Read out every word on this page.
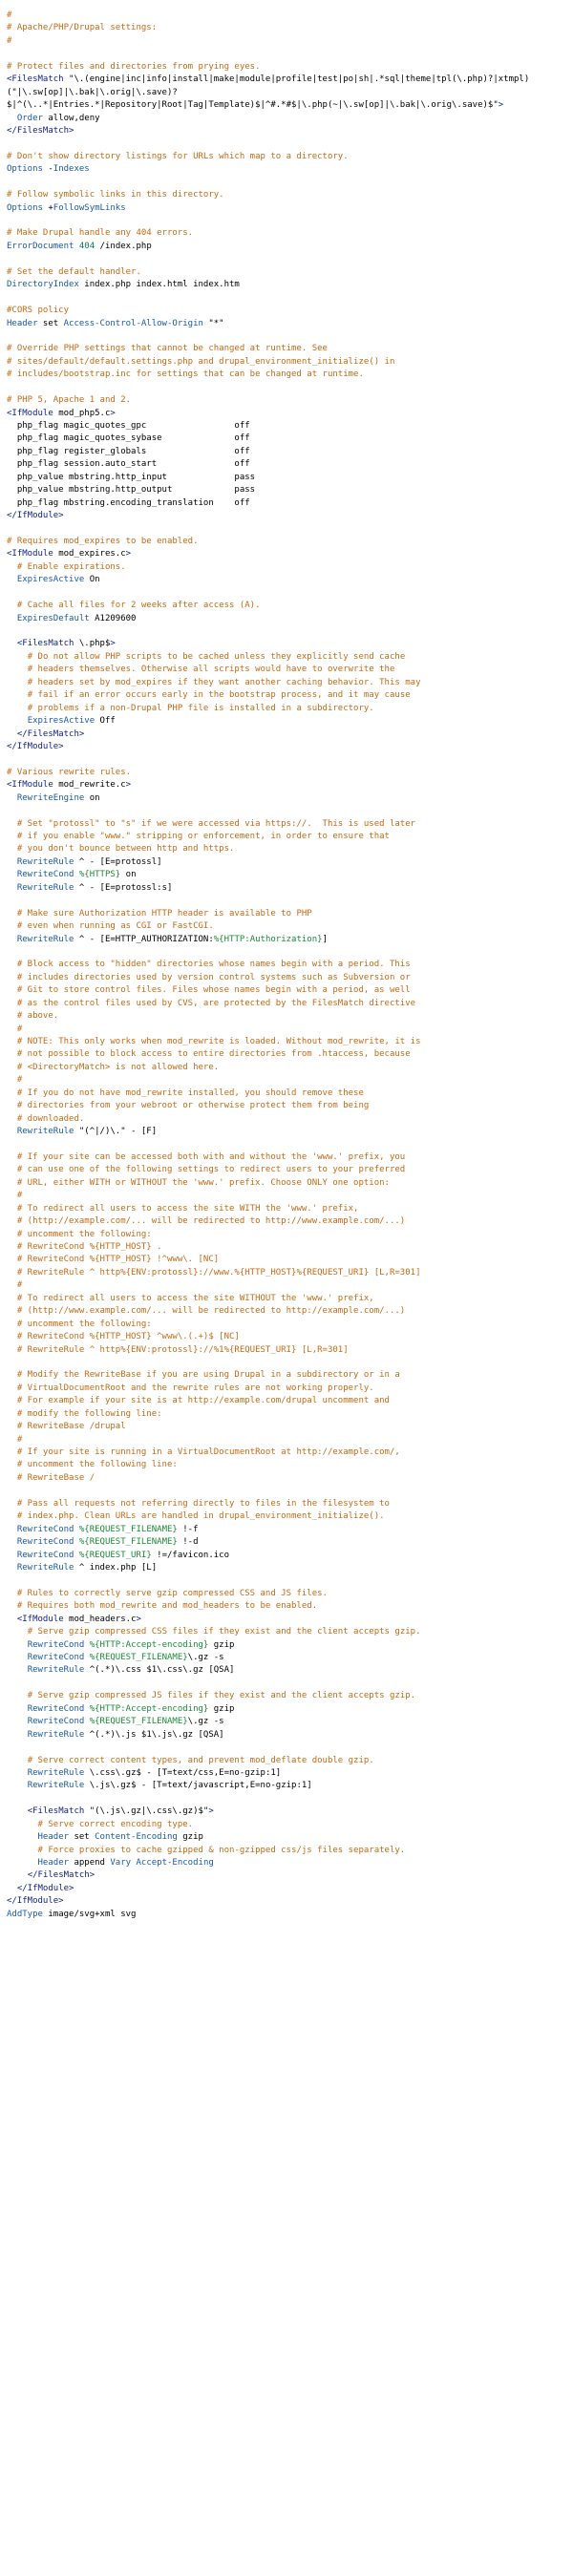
#
# Apache/PHP/Drupal settings:
#
# Protect files and directories from prying eyes.
<FilesMatch "\.(engine|inc|info|install|make|module|profile|test|po|sh|.*sql|theme|tpl(\.php)?|xtmpl)
("|\.sw[op]|\.bak|\.orig|\.save)?
$|^(\..*|Entries.*|Repository|Root|Tag|Template)$|^#.*#$|\.php(~|\.sw[op]|\.bak|\.orig\.save)$">
Order allow,deny
</FilesMatch>
# Don't show directory listings for URLs which map to a directory.
Options -Indexes
# Follow symbolic links in this directory.
Options +FollowSymLinks
# Make Drupal handle any 404 errors.
ErrorDocument 404 /index.php
# Set the default handler.
DirectoryIndex index.php index.html index.htm
#CORS policy
Header set Access-Control-Allow-Origin "*"
# Override PHP settings that cannot be changed at runtime. See
# sites/default/default.settings.php and drupal_environment_initialize() in
# includes/bootstrap.inc for settings that can be changed at runtime.
# PHP 5, Apache 1 and 2.
<IfModule mod_php5.c>
php_flag magic_quotes_gpc                 off
php_flag magic_quotes_sybase              off
php_flag register_globals                 off
php_flag session.auto_start               off
php_value mbstring.http_input             pass
php_value mbstring.http_output            pass
php_flag mbstring.encoding_translation    off
</IfModule>
# Requires mod_expires to be enabled.
<IfModule mod_expires.c>
# Enable expirations.
ExpiresActive On
# Cache all files for 2 weeks after access (A).
ExpiresDefault A1209600
<FilesMatch \.php$>
# Do not allow PHP scripts to be cached unless they explicitly send cache
# headers themselves. Otherwise all scripts would have to overwrite the
# headers set by mod_expires if they want another caching behavior. This may
# fail if an error occurs early in the bootstrap process, and it may cause
# problems if a non-Drupal PHP file is installed in a subdirectory.
ExpiresActive Off
</FilesMatch>
</IfModule>
# Various rewrite rules.
<IfModule mod_rewrite.c>
RewriteEngine on
# Set "protossl" to "s" if we were accessed via https://.  This is used later
# if you enable "www." stripping or enforcement, in order to ensure that
# you don't bounce between http and https.
RewriteRule ^ - [E=protossl]
RewriteCond %{HTTPS} on
RewriteRule ^ - [E=protossl:s]
# Make sure Authorization HTTP header is available to PHP
# even when running as CGI or FastCGI.
RewriteRule ^ - [E=HTTP_AUTHORIZATION:%{HTTP:Authorization}]
# Block access to "hidden" directories whose names begin with a period. This
# includes directories used by version control systems such as Subversion or
# Git to store control files. Files whose names begin with a period, as well
# as the control files used by CVS, are protected by the FilesMatch directive
# above.
#
# NOTE: This only works when mod_rewrite is loaded. Without mod_rewrite, it is
# not possible to block access to entire directories from .htaccess, because
# <DirectoryMatch> is not allowed here.
#
# If you do not have mod_rewrite installed, you should remove these
# directories from your webroot or otherwise protect them from being
# downloaded.
RewriteRule "(^|/)\." - [F]
# If your site can be accessed both with and without the 'www.' prefix, you
# can use one of the following settings to redirect users to your preferred
# URL, either WITH or WITHOUT the 'www.' prefix. Choose ONLY one option:
#
# To redirect all users to access the site WITH the 'www.' prefix,
# (http://example.com/... will be redirected to http://www.example.com/...)
# uncomment the following:
# RewriteCond %{HTTP_HOST} .
# RewriteCond %{HTTP_HOST} !^www\. [NC]
# RewriteRule ^ http%{ENV:protossl}://www.%{HTTP_HOST}%{REQUEST_URI} [L,R=301]
#
# To redirect all users to access the site WITHOUT the 'www.' prefix,
# (http://www.example.com/... will be redirected to http://example.com/...)
# uncomment the following:
# RewriteCond %{HTTP_HOST} ^www\.(.+)$ [NC]
# RewriteRule ^ http%{ENV:protossl}://%1%{REQUEST_URI} [L,R=301]
# Modify the RewriteBase if you are using Drupal in a subdirectory or in a
# VirtualDocumentRoot and the rewrite rules are not working properly.
# For example if your site is at http://example.com/drupal uncomment and
# modify the following line:
# RewriteBase /drupal
#
# If your site is running in a VirtualDocumentRoot at http://example.com/,
# uncomment the following line:
# RewriteBase /
# Pass all requests not referring directly to files in the filesystem to
# index.php. Clean URLs are handled in drupal_environment_initialize().
RewriteCond %{REQUEST_FILENAME} !-f
RewriteCond %{REQUEST_FILENAME} !-d
RewriteCond %{REQUEST_URI} !=/favicon.ico
RewriteRule ^ index.php [L]
# Rules to correctly serve gzip compressed CSS and JS files.
# Requires both mod_rewrite and mod_headers to be enabled.
<IfModule mod_headers.c>
# Serve gzip compressed CSS files if they exist and the client accepts gzip.
RewriteCond %{HTTP:Accept-encoding} gzip
RewriteCond %{REQUEST_FILENAME}\.gz -s
RewriteRule ^(.*)\.css $1\.css\.gz [QSA]
# Serve gzip compressed JS files if they exist and the client accepts gzip.
RewriteCond %{HTTP:Accept-encoding} gzip
RewriteCond %{REQUEST_FILENAME}\.gz -s
RewriteRule ^(.*)\.js $1\.js\.gz [QSA]
# Serve correct content types, and prevent mod_deflate double gzip.
RewriteRule \.css\.gz$ - [T=text/css,E=no-gzip:1]
RewriteRule \.js\.gz$ - [T=text/javascript,E=no-gzip:1]
<FilesMatch "(\.js\.gz|\.css\.gz)$">
# Serve correct encoding type.
Header set Content-Encoding gzip
# Force proxies to cache gzipped & non-gzipped css/js files separately.
Header append Vary Accept-Encoding
</FilesMatch>
</IfModule>
</IfModule>
AddType image/svg+xml svg
